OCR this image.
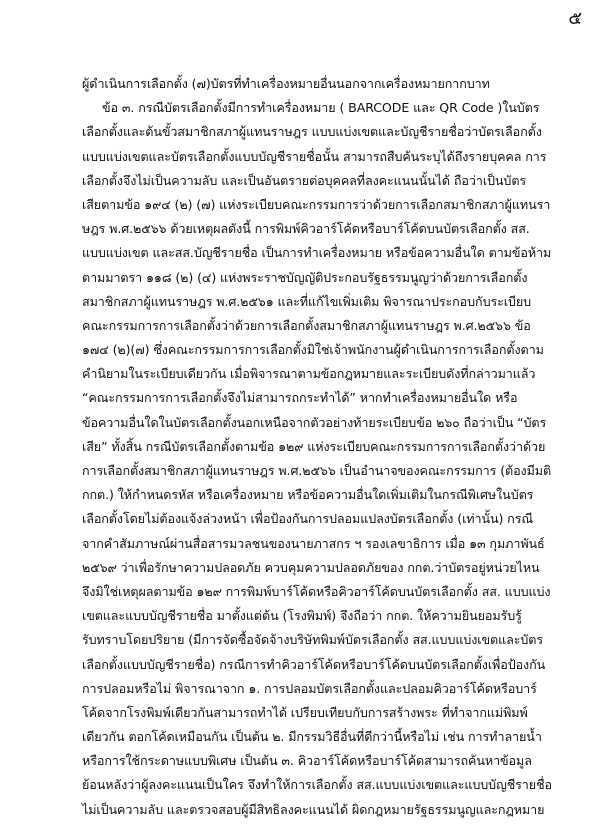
๕
ผู้ดำเนินการเลือกตั้ง (๗)บัตรที่ทำเครื่องหมายอื่นนอกจากเครื่องหมายกากบาท
ข้อ ๓. กรณีบัตรเลือกตั้งมีการทำเครื่องหมาย ( BARCODE และ QR Code )ในบัตร
เลือกตั้งและต้นขั้วสมาชิกสภาผู้แทนราษฎร แบบแบ่งเขตและบัญชีรายชื่อว่าบัตรเลือกตั้ง
แบบแบ่งเขตและบัตรเลือกตั้งแบบบัญชีรายชื่อนั้น สามารถสืบค้นระบุได้ถึงรายบุคคล การ
เลือกตั้งจึงไม่เป็นความลับ และเป็นอันตรายต่อบุคคลที่ลงคะแนนนั้นได้ ถือว่าเป็นบัตร
เสียตามข้อ ๑๙๔ (๒) (๗) แห่งระเบียบคณะกรรมการว่าด้วยการเลือกสมาชิกสภาผู้แทนรา
ษฎร พ.ศ.๒๕๖๖ ด้วยเหตุผลดังนี้ การพิมพ์คิวอาร์โค้ดหรือบาร์โค้ดบนบัตรเลือกตั้ง สส.
แบบแบ่งเขต และสส.บัญชีรายชื่อ เป็นการทำเครื่องหมาย หรือข้อความอื่นใด ตามข้อห้าม
ตามมาตรา ๑๑๘ (๒) (๔) แห่งพระราชบัญญัติประกอบรัฐธรรมนูญว่าด้วยการเลือกตั้ง
สมาชิกสภาผู้แทนราษฎร พ.ศ.๒๕๖๑ และที่แก้ไขเพิ่มเติม พิจารณาประกอบกับระเบียบ
คณะกรรมการการเลือกตั้งว่าด้วยการเลือกตั้งสมาชิกสภาผู้แทนราษฎร พ.ศ.๒๕๖๖ ข้อ
๑๗๔ (๒)(๗) ซึ่งคณะกรรมการการเลือกตั้งมิใช่เจ้าพนักงานผู้ดำเนินการการเลือกตั้งตาม
คำนิยามในระเบียบเดียวกัน เมื่อพิจารณาตามข้อกฎหมายและระเบียบดังที่กล่าวมาแล้ว
“คณะกรรมการการเลือกตั้งจึงไม่สามารถกระทำได้” หากทำเครื่องหมายอื่นใด หรือ
ข้อความอื่นใดในบัตรเลือกตั้งนอกเหนือจากตัวอย่างท้ายระเบียบข้อ ๒๖๐ ถือว่าเป็น “บัตร
เสีย” ทั้งสิ้น กรณีบัตรเลือกตั้งตามข้อ ๑๒๙ แห่งระเบียบคณะกรรมการการเลือกตั้งว่าด้วย
การเลือกตั้งสมาชิกสภาผู้แทนราษฎร พ.ศ.๒๕๖๖ เป็นอำนาจของคณะกรรมการ (ต้องมีมติ
กกต.) ให้กำหนดรหัส หรือเครื่องหมาย หรือข้อความอื่นใดเพิ่มเติมในกรณีพิเศษในบัตร
เลือกตั้งโดยไม่ต้องแจ้งล่วงหน้า เพื่อป้องกันการปลอมแปลงบัตรเลือกตั้ง (เท่านั้น) กรณี
จากคำสัมภาษณ์ผ่านสื่อสารมวลชนของนายภาสกร ฯ รองเลขาธิการ เมื่อ ๑๓ กุมภาพันธ์
๒๕๖๙ ว่าเพื่อรักษาความปลอดภัย ควบคุมความปลอดภัยของ กกต.ว่าบัตรอยู่หน่วยไหน
จึงมิใช่เหตุผลตามข้อ ๑๒๙ การพิมพ์บาร์โค้ดหรือคิวอาร์โค้ดบนบัตรเลือกตั้ง สส. แบบแบ่ง
เขตและแบบบัญชีรายชื่อ มาตั้งแต่ต้น (โรงพิมพ์) จึงถือว่า กกต. ให้ความยินยอมรับรู้
รับทราบโดยปริยาย (มีการจัดซื้อจัดจ้างบริษัทพิมพ์บัตรเลือกตั้ง สส.แบบแบ่งเขตและบัตร
เลือกตั้งแบบบัญชีรายชื่อ) กรณีการทำคิวอาร์โค้ดหรือบาร์โค้ดบนบัตรเลือกตั้งเพื่อป้องกัน
การปลอมหรือไม่ พิจารณาจาก ๑. การปลอมบัตรเลือกตั้งและปลอมคิวอาร์โค้ดหรือบาร์
โค้ดจากโรงพิมพ์เดียวกันสามารถทำได้ เปรียบเทียบกับการสร้างพระ ที่ทำจากแม่พิมพ์
เดียวกัน ตอกโค้ดเหมือนกัน เป็นต้น ๒. มีกรรมวิธีอื่นที่ดีกว่านี้หรือไม่ เช่น การทำลายน้ำ
หรือการใช้กระดาษแบบพิเศษ เป็นต้น ๓. คิวอาร์โค้ดหรือบาร์โค้ดสามารถค้นหาข้อมูล
ย้อนหลังว่าผู้ลงคะแนนเป็นใคร จึงทำให้การเลือกตั้ง สส.แบบแบ่งเขตและแบบบัญชีรายชื่อ
ไม่เป็นความลับ และตรวจสอบผู้มีสิทธิลงคะแนนได้ ผิดกฎหมายรัฐธรรมนูญและกฎหมาย
